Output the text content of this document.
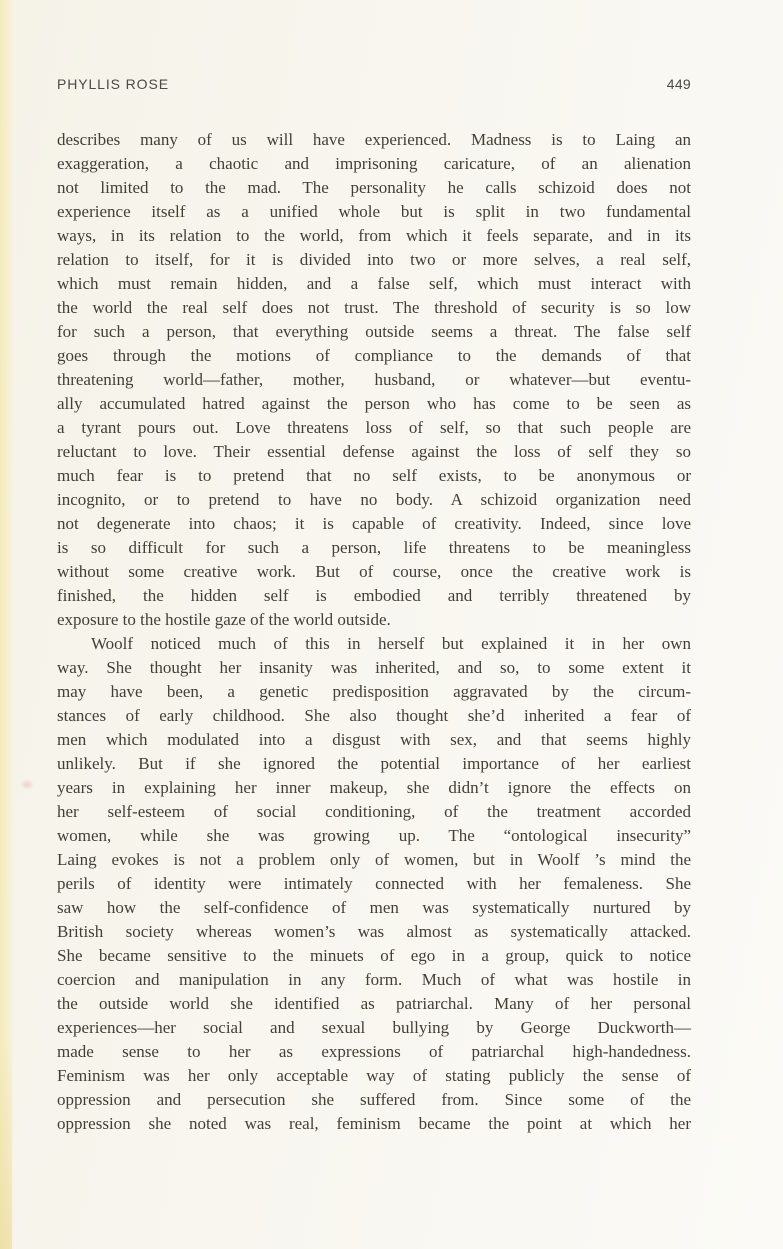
PHYLLIS ROSE	449
describes many of us will have experienced. Madness is to Laing an
exaggeration, a chaotic and imprisoning caricature, of an alienation
not limited to the mad. The personality he calls schizoid does not
experience itself as a unified whole but is split in two fundamental
ways, in its relation to the world, from which it feels separate, and in its
relation to itself, for it is divided into two or more selves, a real self,
which must remain hidden, and a false self, which must interact with
the world the real self does not trust. The threshold of security is so low
for such a person, that everything outside seems a threat. The false self
goes through the motions of compliance to the demands of that
threatening world—father, mother, husband, or whatever—but eventu-
ally accumulated hatred against the person who has come to be seen as
a tyrant pours out. Love threatens loss of self, so that such people are
reluctant to love. Their essential defense against the loss of self they so
much fear is to pretend that no self exists, to be anonymous or
incognito, or to pretend to have no body. A schizoid organization need
not degenerate into chaos; it is capable of creativity. Indeed, since love
is so difficult for such a person, life threatens to be meaningless
without some creative work. But of course, once the creative work is
finished, the hidden self is embodied and terribly threatened by
exposure to the hostile gaze of the world outside.
Woolf noticed much of this in herself but explained it in her own
way. She thought her insanity was inherited, and so, to some extent it
may have been, a genetic predisposition aggravated by the circum-
stances of early childhood. She also thought she’d inherited a fear of
men which modulated into a disgust with sex, and that seems highly
unlikely. But if she ignored the potential importance of her earliest
years in explaining her inner makeup, she didn’t ignore the effects on
her self-esteem of social conditioning, of the treatment accorded
women, while she was growing up. The “ontological insecurity”
Laing evokes is not a problem only of women, but in Woolf ’s mind the
perils of identity were intimately connected with her femaleness. She
saw how the self-confidence of men was systematically nurtured by
British society whereas women’s was almost as systematically attacked.
She became sensitive to the minuets of ego in a group, quick to notice
coercion and manipulation in any form. Much of what was hostile in
the outside world she identified as patriarchal. Many of her personal
experiences—her social and sexual bullying by George Duckworth—
made sense to her as expressions of patriarchal high-handedness.
Feminism was her only acceptable way of stating publicly the sense of
oppression and persecution she suffered from. Since some of the
oppression she noted was real, feminism became the point at which her
